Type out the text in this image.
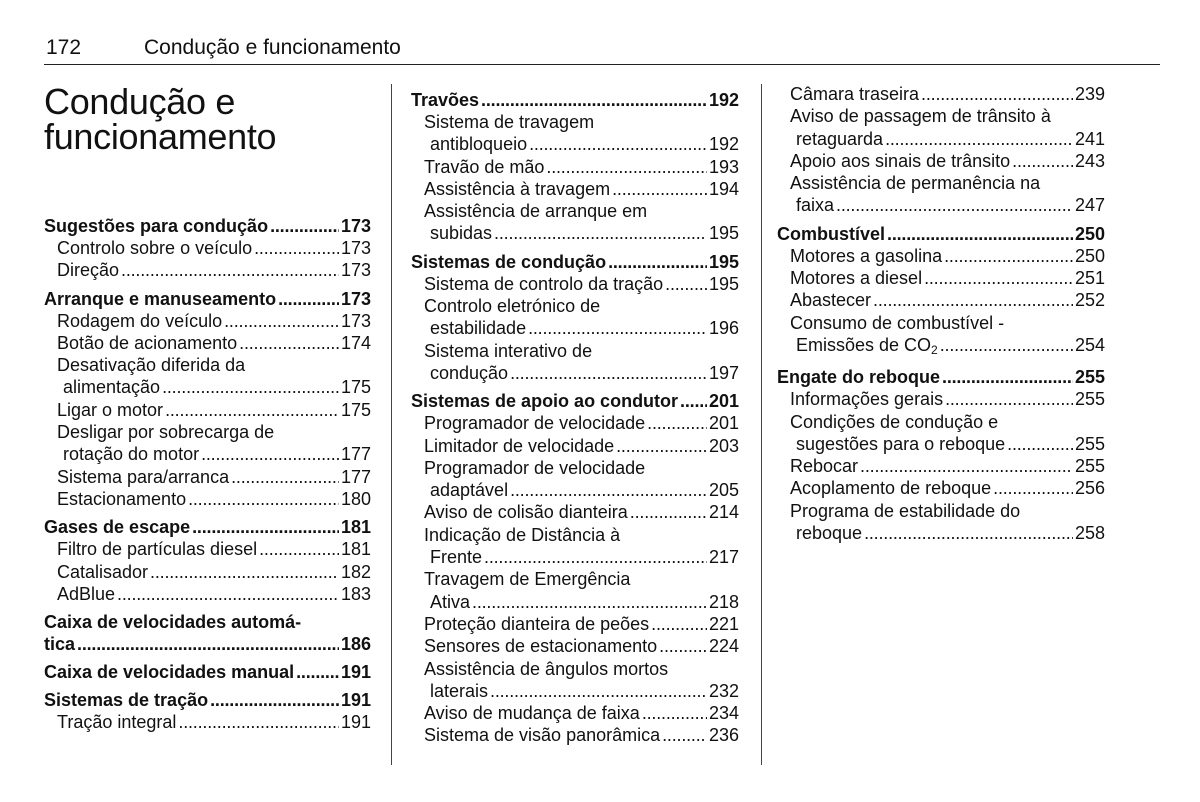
172	Condução e funcionamento
Condução e
funcionamento
Sugestões para condução . . .	173
Controlo sobre o veículo . . .	173
Direção . . .	173
Arranque e manuseamento . . .	173
Rodagem do veículo . . .	173
Botão de acionamento . . .	174
Desativação diferida da
alimentação . . .	175
Ligar o motor . . .	175
Desligar por sobrecarga de
rotação do motor . . .	177
Sistema para/arranca . . .	177
Estacionamento . . .	180
Gases de escape . . .	181
Filtro de partículas diesel . . .	181
Catalisador . . .	182
AdBlue . . .	183
Caixa de velocidades automá-
tica . . .	186
Caixa de velocidades manual . . .	191
Sistemas de tração . . .	191
Tração integral . . .	191
Travões . . .	192
Sistema de travagem
antibloqueio . . .	192
Travão de mão . . .	193
Assistência à travagem . . .	194
Assistência de arranque em
subidas . . .	195
Sistemas de condução . . .	195
Sistema de controlo da tração . . .	195
Controlo eletrónico de
estabilidade . . .	196
Sistema interativo de
condução . . .	197
Sistemas de apoio ao condutor . . . 201
Programador de velocidade . . .	201
Limitador de velocidade . . .	203
Programador de velocidade
adaptável . . .	205
Aviso de colisão dianteira . . .	214
Indicação de Distância à
Frente . . .	217
Travagem de Emergência
Ativa . . .	218
Proteção dianteira de peões . . .	221
Sensores de estacionamento . . .	224
Assistência de ângulos mortos
laterais . . .	232
Aviso de mudança de faixa . . .	234
Sistema de visão panorâmica . . .	236
Câmara traseira . . .	239
Aviso de passagem de trânsito à
retaguarda . . .	241
Apoio aos sinais de trânsito . . .	243
Assistência de permanência na
faixa . . .	247
Combustível . . .	250
Motores a gasolina . . .	250
Motores a diesel . . .	251
Abastecer . . .	252
Consumo de combustível -
Emissões de $CO_2$ . . .	254
Engate do reboque . . .	255
Informações gerais . . .	255
Condições de condução e
sugestões para o reboque . . .	255
Rebocar . . .	255
Acoplamento de reboque . . .	256
Programa de estabilidade do
reboque . . .	258
